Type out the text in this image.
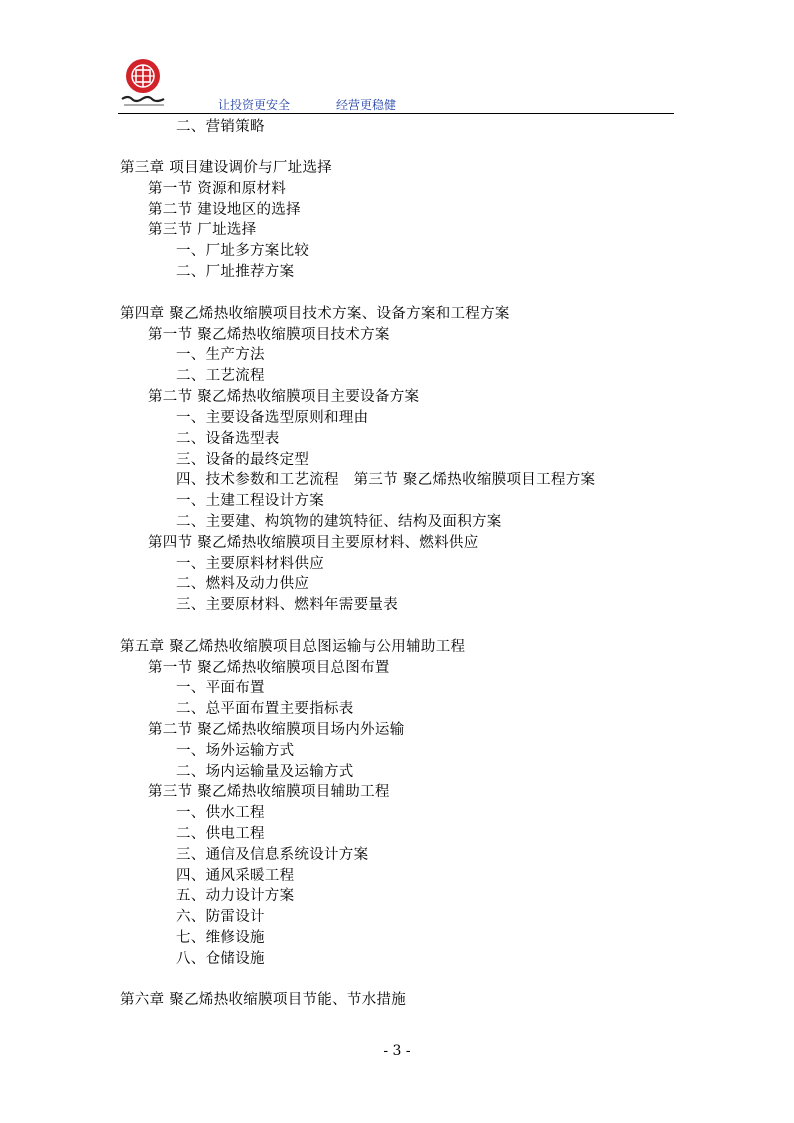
让投资更安全	经营更稳健
二、营销策略
第三章 项目建设调价与厂址选择
第一节 资源和原材料
第二节 建设地区的选择
第三节 厂址选择
一、厂址多方案比较
二、厂址推荐方案
第四章 聚乙烯热收缩膜项目技术方案、设备方案和工程方案
第一节 聚乙烯热收缩膜项目技术方案
一、生产方法
二、工艺流程
第二节 聚乙烯热收缩膜项目主要设备方案
一、主要设备选型原则和理由
二、设备选型表
三、设备的最终定型
四、技术参数和工艺流程　第三节 聚乙烯热收缩膜项目工程方案
一、土建工程设计方案
二、主要建、构筑物的建筑特征、结构及面积方案
第四节 聚乙烯热收缩膜项目主要原材料、燃料供应
一、主要原料材料供应
二、燃料及动力供应
三、主要原材料、燃料年需要量表
第五章 聚乙烯热收缩膜项目总图运输与公用辅助工程
第一节 聚乙烯热收缩膜项目总图布置
一、平面布置
二、总平面布置主要指标表
第二节 聚乙烯热收缩膜项目场内外运输
一、场外运输方式
二、场内运输量及运输方式
第三节 聚乙烯热收缩膜项目辅助工程
一、供水工程
二、供电工程
三、通信及信息系统设计方案
四、通风采暖工程
五、动力设计方案
六、防雷设计
七、维修设施
八、仓储设施
第六章 聚乙烯热收缩膜项目节能、节水措施
- 3 -
